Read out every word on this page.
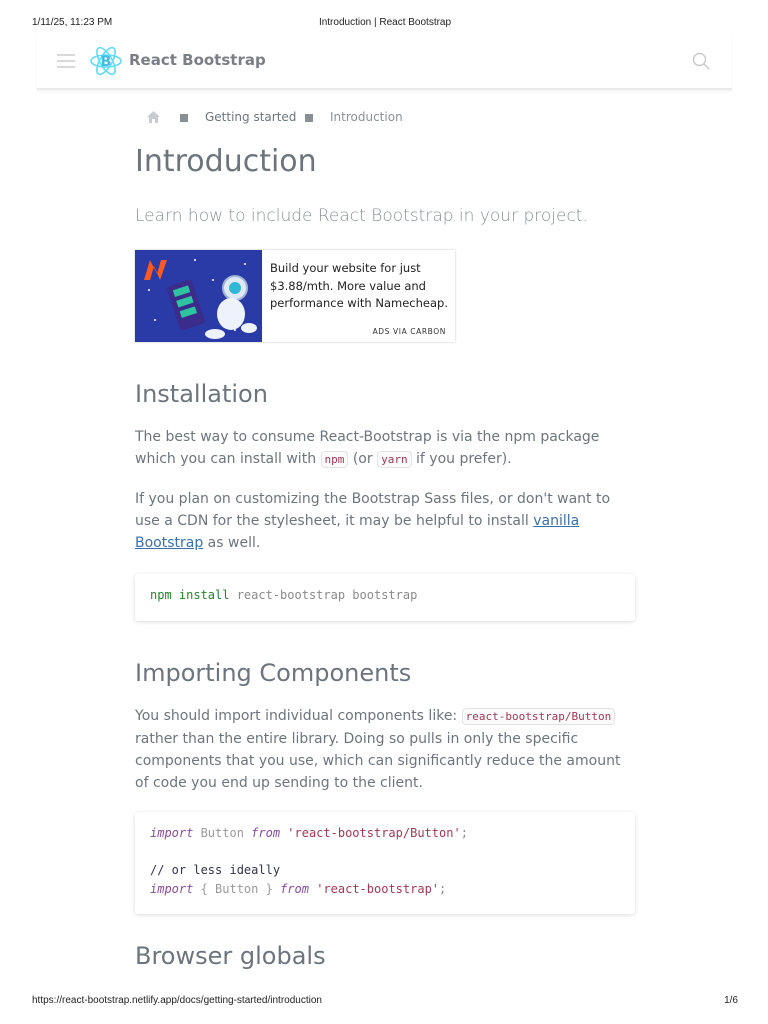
1/11/25, 11:23 PM	Introduction | React Bootstrap
B React Bootstrap
Getting started	Introduction
Introduction

Learn how to include React Bootstrap in your project.

Build your website for just $3.88/mth. More value and performance with Namecheap.
ADS VIA CARBON
Installation

The best way to consume React-Bootstrap is via the npm package which you can install with npm (or yarn if you prefer).

If you plan on customizing the Bootstrap Sass files, or don't want to use a CDN for the stylesheet, it may be helpful to install vanilla Bootstrap as well.

npm install react-bootstrap bootstrap
Importing Components

You should import individual components like: react-bootstrap/Button rather than the entire library. Doing so pulls in only the specific components that you use, which can significantly reduce the amount of code you end up sending to the client.

import Button from 'react-bootstrap/Button';
// or less ideally
import { Button } from 'react-bootstrap';
Browser globals
https://react-bootstrap.netlify.app/docs/getting-started/introduction	1/6
